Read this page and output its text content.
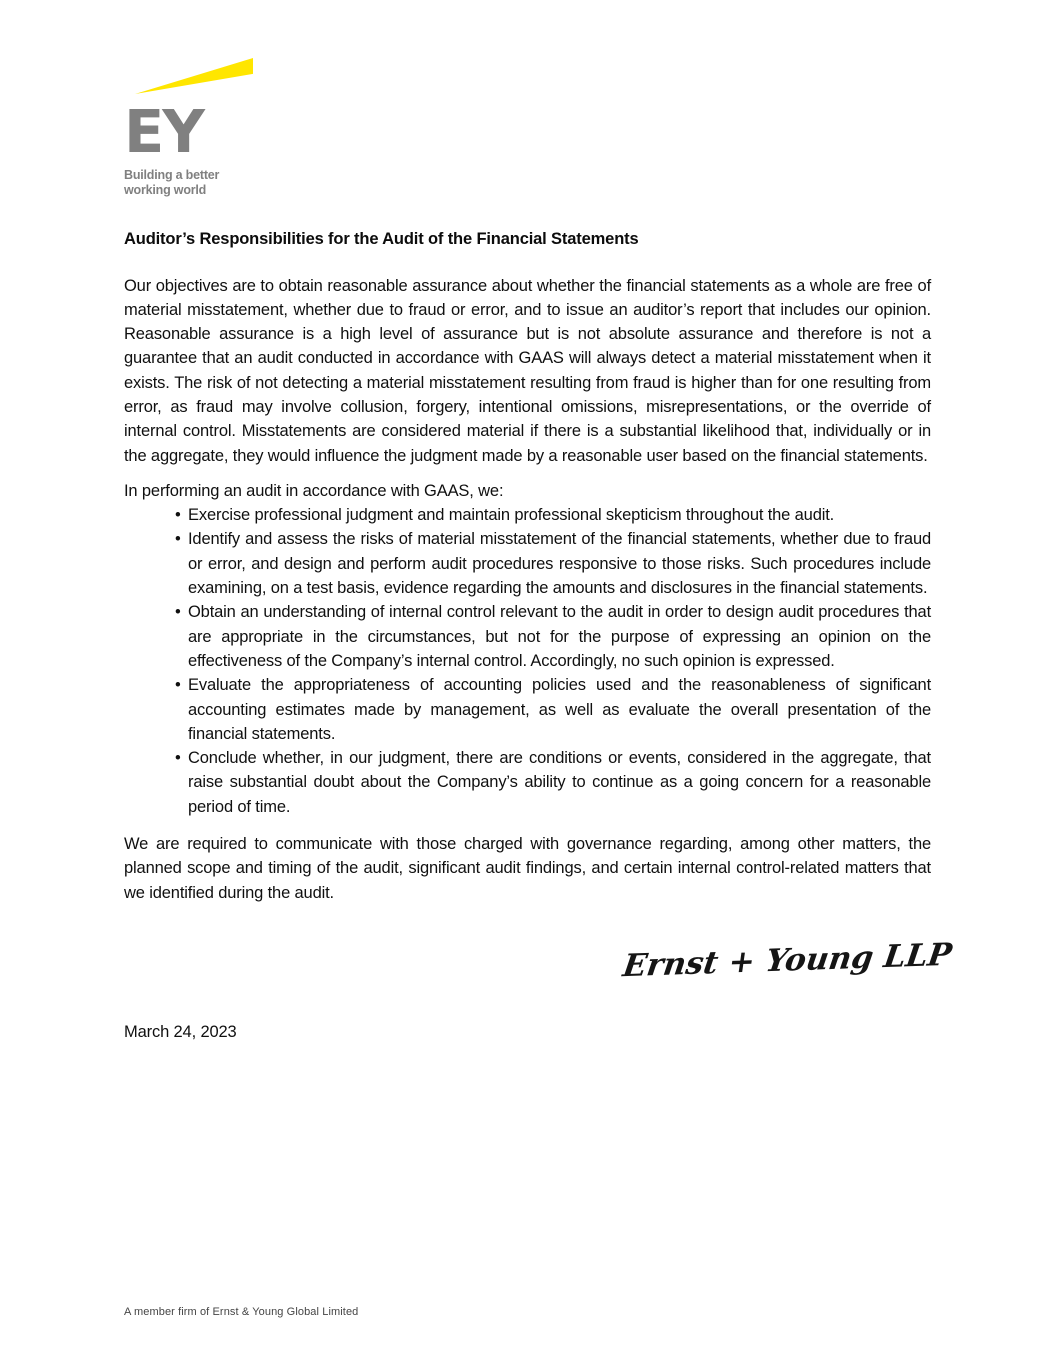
EY
Building a better
working world
Auditor’s Responsibilities for the Audit of the Financial Statements

Our objectives are to obtain reasonable assurance about whether the financial statements as a whole are free of material misstatement, whether due to fraud or error, and to issue an auditor’s report that includes our opinion. Reasonable assurance is a high level of assurance but is not absolute assurance and therefore is not a guarantee that an audit conducted in accordance with GAAS will always detect a material misstatement when it exists. The risk of not detecting a material misstatement resulting from fraud is higher than for one resulting from error, as fraud may involve collusion, forgery, intentional omissions, misrepresentations, or the override of internal control. Misstatements are considered material if there is a substantial likelihood that, individually or in the aggregate, they would influence the judgment made by a reasonable user based on the financial statements.

In performing an audit in accordance with GAAS, we:

• Exercise professional judgment and maintain professional skepticism throughout the audit.
• Identify and assess the risks of material misstatement of the financial statements, whether due to fraud or error, and design and perform audit procedures responsive to those risks. Such procedures include examining, on a test basis, evidence regarding the amounts and disclosures in the financial statements.
• Obtain an understanding of internal control relevant to the audit in order to design audit procedures that are appropriate in the circumstances, but not for the purpose of expressing an opinion on the effectiveness of the Company’s internal control. Accordingly, no such opinion is expressed.
• Evaluate the appropriateness of accounting policies used and the reasonableness of significant accounting estimates made by management, as well as evaluate the overall presentation of the financial statements.
• Conclude whether, in our judgment, there are conditions or events, considered in the aggregate, that raise substantial doubt about the Company’s ability to continue as a going concern for a reasonable period of time.

We are required to communicate with those charged with governance regarding, among other matters, the planned scope and timing of the audit, significant audit findings, and certain internal control-related matters that we identified during the audit.

Ernst + Young LLP
March 24, 2023
A member firm of Ernst & Young Global Limited
